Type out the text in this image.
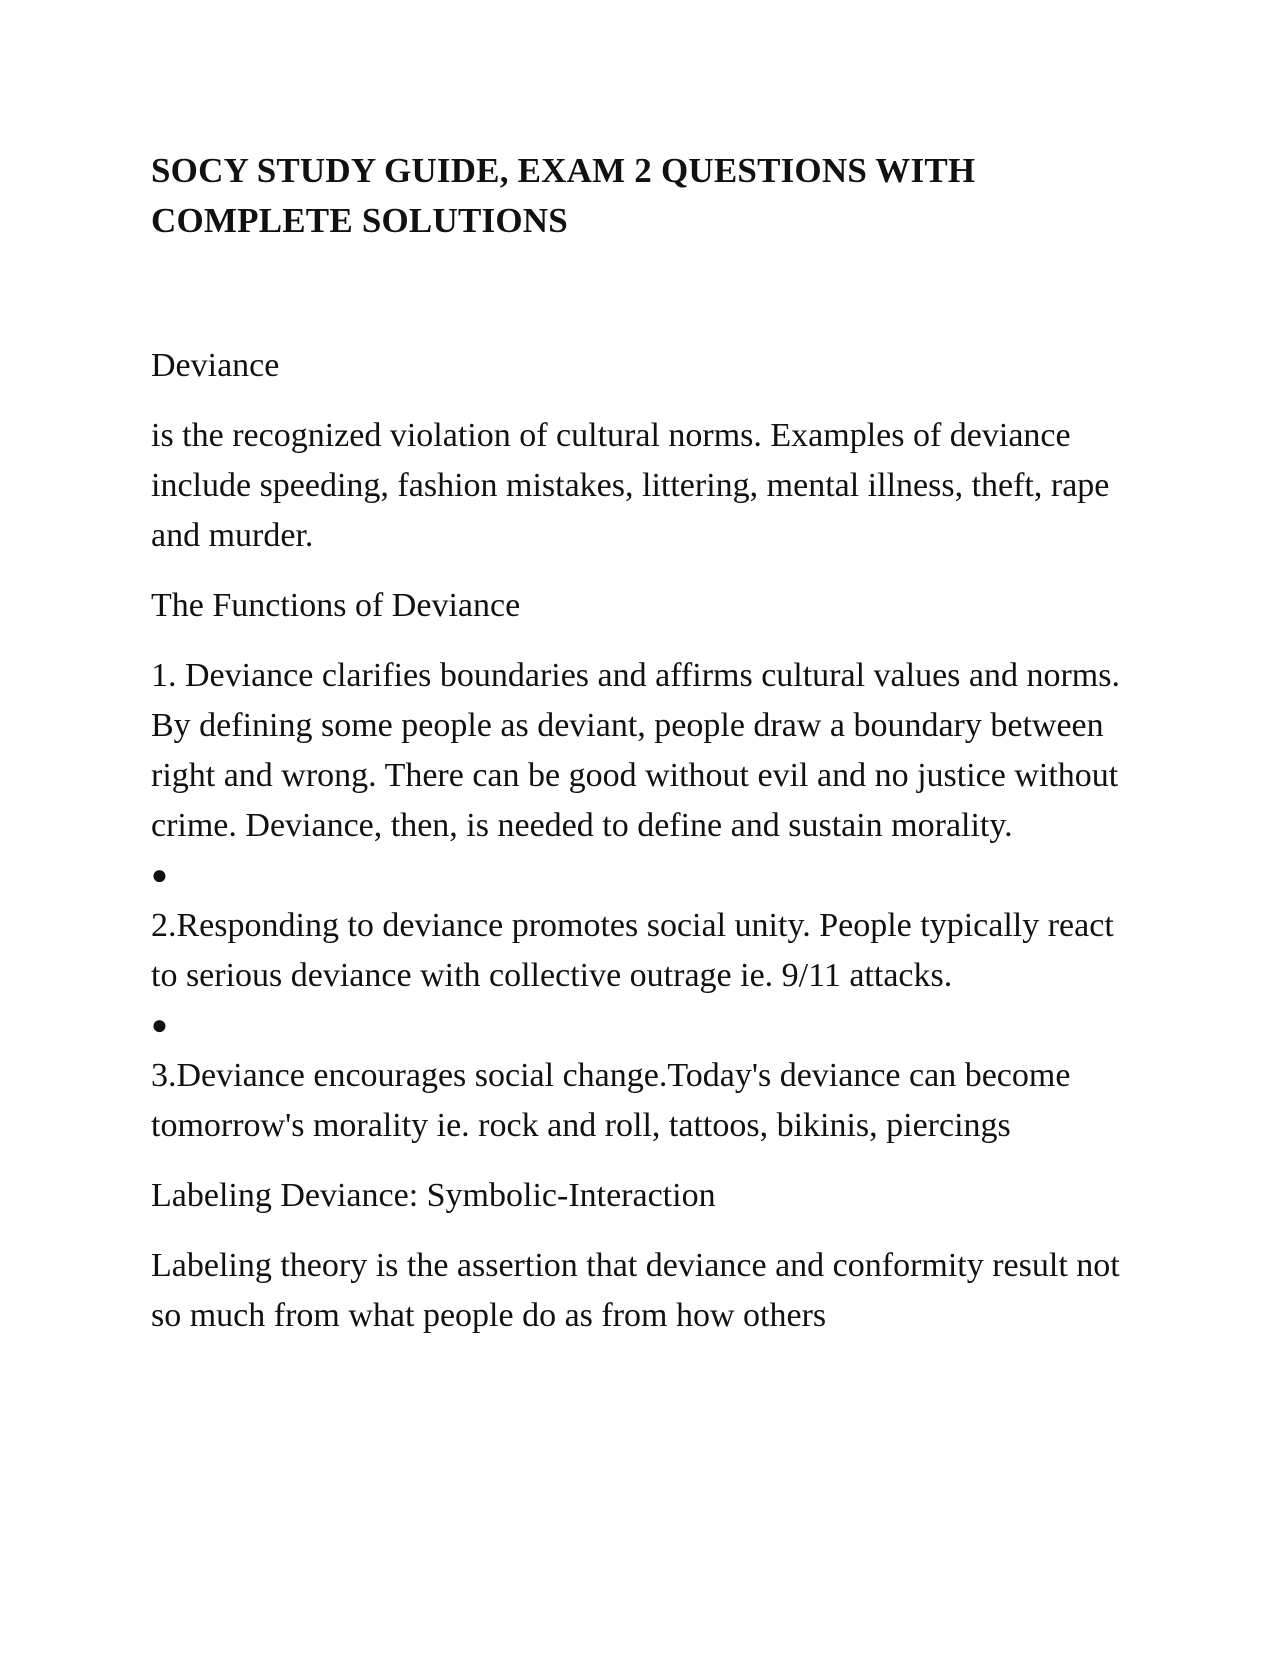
SOCY STUDY GUIDE, EXAM 2 QUESTIONS WITH
COMPLETE SOLUTIONS

Deviance

is the recognized violation of cultural norms. Examples of deviance include speeding, fashion mistakes, littering, mental illness, theft, rape and murder.

The Functions of Deviance

1. Deviance clarifies boundaries and affirms cultural values and norms. By defining some people as deviant, people draw a boundary between right and wrong. There can be good without evil and no justice without crime. Deviance, then, is needed to define and sustain morality.

●

2.Responding to deviance promotes social unity. People typically react to serious deviance with collective outrage ie. 9/11 attacks.

●

3.Deviance encourages social change.Today's deviance can become tomorrow's morality ie. rock and roll, tattoos, bikinis, piercings

Labeling Deviance: Symbolic-Interaction

Labeling theory is the assertion that deviance and conformity result not so much from what people do as from how others
